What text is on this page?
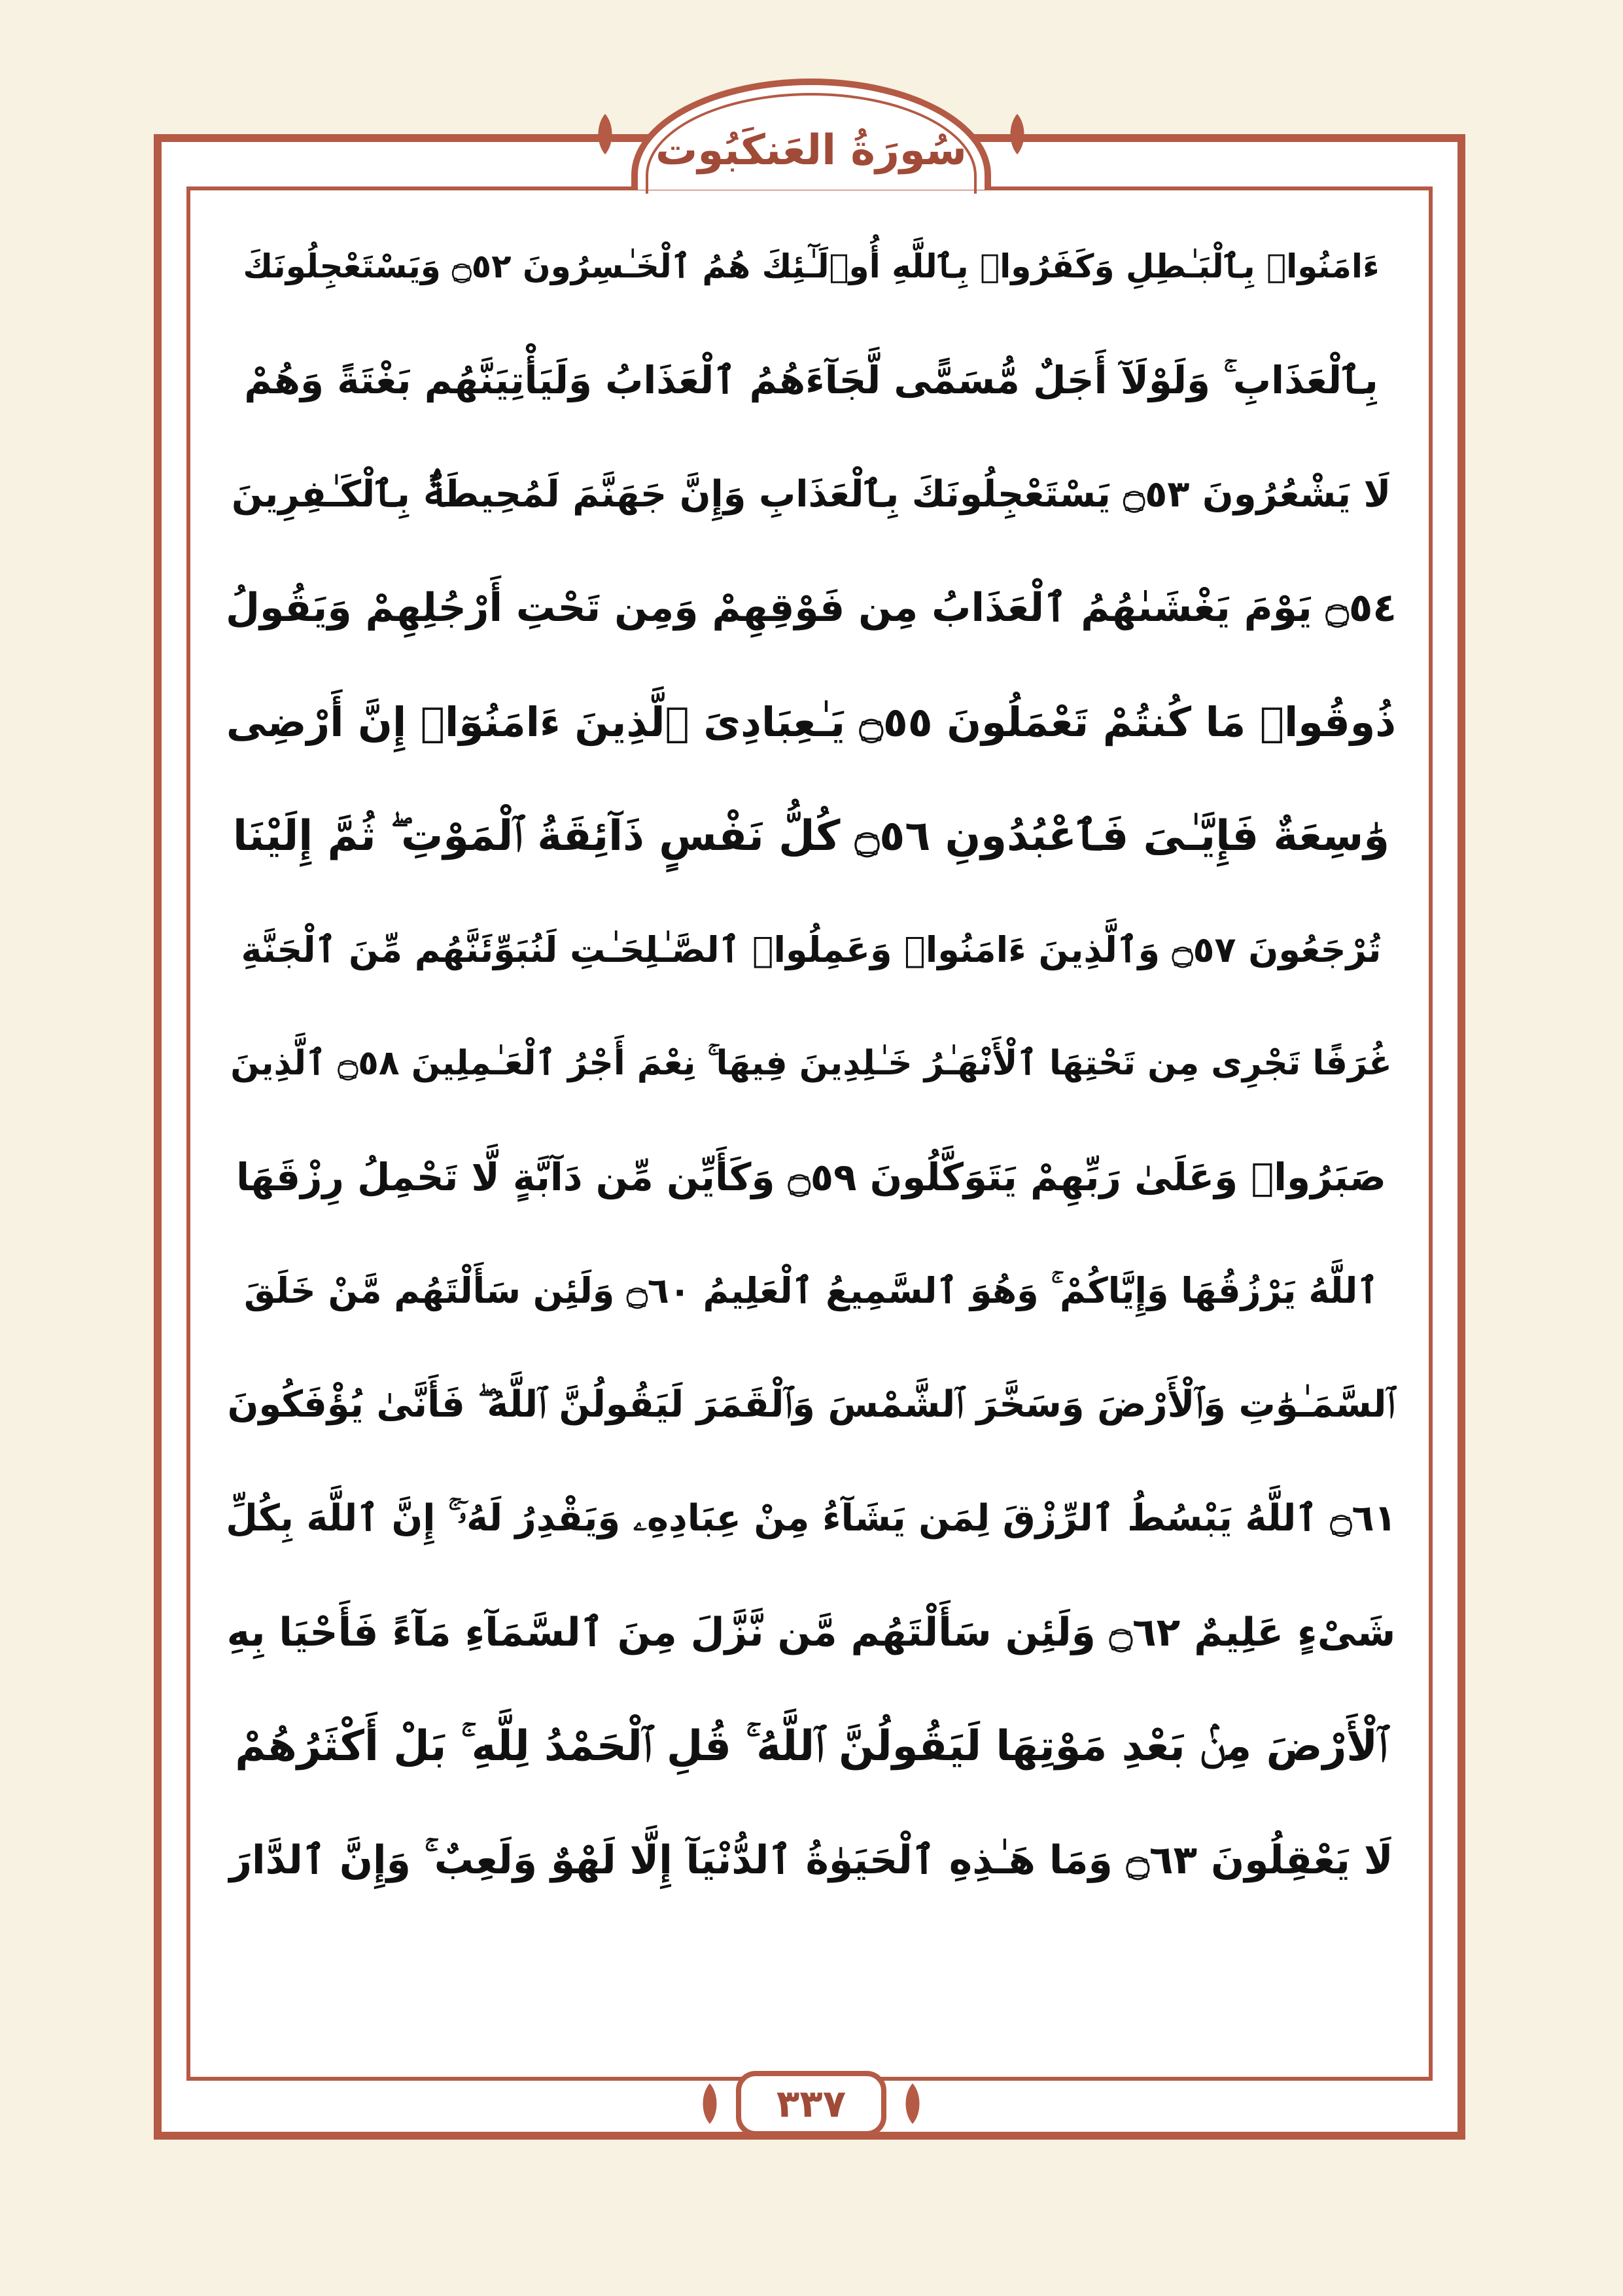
سُورَةُ العَنكَبُوت
ءَامَنُوا۟ بِٱلْبَـٰطِلِ وَكَفَرُوا۟ بِٱللَّهِ أُو۟لَـٰٓئِكَ هُمُ ٱلْخَـٰسِرُونَ ۝٥٢ وَيَسْتَعْجِلُونَكَ
بِٱلْعَذَابِ ۚ وَلَوْلَآ أَجَلٌ مُّسَمًّى لَّجَآءَهُمُ ٱلْعَذَابُ وَلَيَأْتِيَنَّهُم بَغْتَةً وَهُمْ
لَا يَشْعُرُونَ ۝٥٣ يَسْتَعْجِلُونَكَ بِٱلْعَذَابِ وَإِنَّ جَهَنَّمَ لَمُحِيطَةٌۢ بِٱلْكَـٰفِرِينَ
۝٥٤ يَوْمَ يَغْشَىٰهُمُ ٱلْعَذَابُ مِن فَوْقِهِمْ وَمِن تَحْتِ أَرْجُلِهِمْ وَيَقُولُ
ذُوقُوا۟ مَا كُنتُمْ تَعْمَلُونَ ۝٥٥ يَـٰعِبَادِىَ ٱلَّذِينَ ءَامَنُوٓا۟ إِنَّ أَرْضِى
وَٰسِعَةٌ فَإِيَّـٰىَ فَٱعْبُدُونِ ۝٥٦ كُلُّ نَفْسٍ ذَآئِقَةُ ٱلْمَوْتِ ۖ ثُمَّ إِلَيْنَا
تُرْجَعُونَ ۝٥٧ وَٱلَّذِينَ ءَامَنُوا۟ وَعَمِلُوا۟ ٱلصَّـٰلِحَـٰتِ لَنُبَوِّئَنَّهُم مِّنَ ٱلْجَنَّةِ
غُرَفًا تَجْرِى مِن تَحْتِهَا ٱلْأَنْهَـٰرُ خَـٰلِدِينَ فِيهَا ۚ نِعْمَ أَجْرُ ٱلْعَـٰمِلِينَ ۝٥٨ ٱلَّذِينَ
صَبَرُوا۟ وَعَلَىٰ رَبِّهِمْ يَتَوَكَّلُونَ ۝٥٩ وَكَأَيِّن مِّن دَآبَّةٍ لَّا تَحْمِلُ رِزْقَهَا
ٱللَّهُ يَرْزُقُهَا وَإِيَّاكُمْ ۚ وَهُوَ ٱلسَّمِيعُ ٱلْعَلِيمُ ۝٦٠ وَلَئِن سَأَلْتَهُم مَّنْ خَلَقَ
ٱلسَّمَـٰوَٰتِ وَٱلْأَرْضَ وَسَخَّرَ ٱلشَّمْسَ وَٱلْقَمَرَ لَيَقُولُنَّ ٱللَّهُ ۖ فَأَنَّىٰ يُؤْفَكُونَ
۝٦١ ٱللَّهُ يَبْسُطُ ٱلرِّزْقَ لِمَن يَشَآءُ مِنْ عِبَادِهِۦ وَيَقْدِرُ لَهُۥٓ ۚ إِنَّ ٱللَّهَ بِكُلِّ
شَىْءٍ عَلِيمٌ ۝٦٢ وَلَئِن سَأَلْتَهُم مَّن نَّزَّلَ مِنَ ٱلسَّمَآءِ مَآءً فَأَحْيَا بِهِ
ٱلْأَرْضَ مِنۢ بَعْدِ مَوْتِهَا لَيَقُولُنَّ ٱللَّهُ ۚ قُلِ ٱلْحَمْدُ لِلَّهِ ۚ بَلْ أَكْثَرُهُمْ
لَا يَعْقِلُونَ ۝٦٣ وَمَا هَـٰذِهِ ٱلْحَيَوٰةُ ٱلدُّنْيَآ إِلَّا لَهْوٌ وَلَعِبٌ ۚ وَإِنَّ ٱلدَّارَ
٣٣٧
